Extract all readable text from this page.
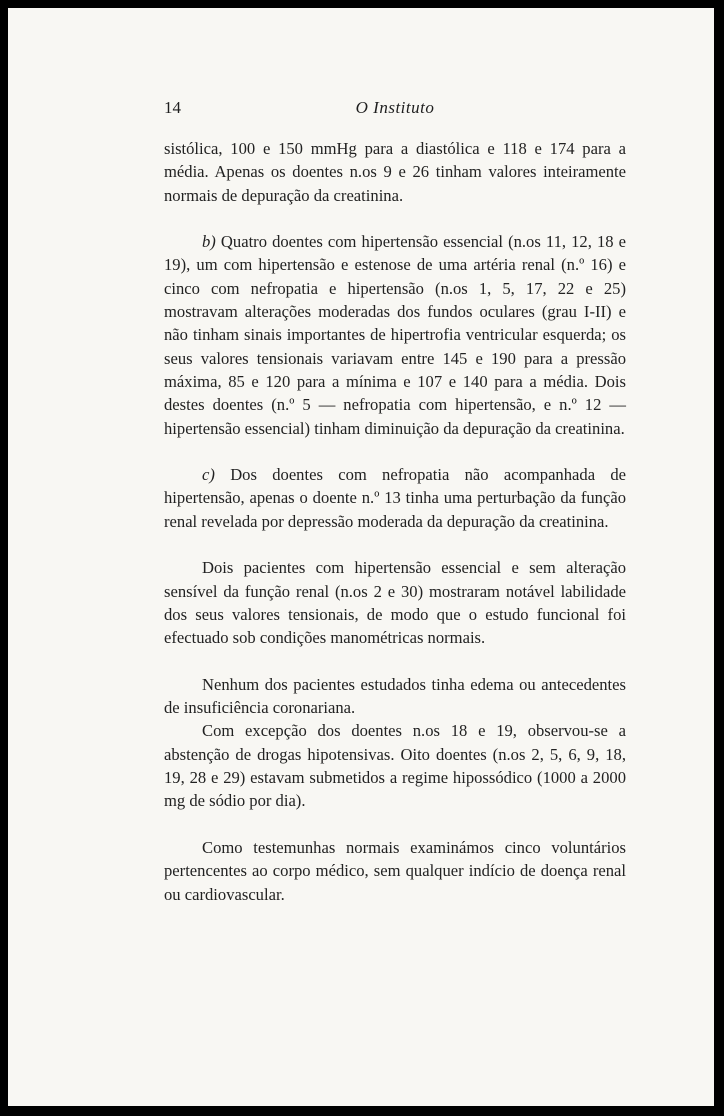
14	O Instituto

sistólica, 100 e 150 mmHg para a diastólica e 118 e 174 para a média. Apenas os doentes n.os 9 e 26 tinham valores inteiramente normais de depuração da creatinina.

b) Quatro doentes com hipertensão essencial (n.os 11, 12, 18 e 19), um com hipertensão e estenose de uma artéria renal (n.º 16) e cinco com nefropatia e hipertensão (n.os 1, 5, 17, 22 e 25) mostravam alterações moderadas dos fundos oculares (grau I-II) e não tinham sinais importantes de hipertrofia ventricular esquerda; os seus valores tensionais variavam entre 145 e 190 para a pressão máxima, 85 e 120 para a mínima e 107 e 140 para a média. Dois destes doentes (n.º 5 — nefropatia com hipertensão, e n.º 12 — hipertensão essencial) tinham diminuição da depuração da creatinina.

c) Dos doentes com nefropatia não acompanhada de hipertensão, apenas o doente n.º 13 tinha uma perturbação da função renal revelada por depressão moderada da depuração da creatinina.

Dois pacientes com hipertensão essencial e sem alteração sensível da função renal (n.os 2 e 30) mostraram notável labilidade dos seus valores tensionais, de modo que o estudo funcional foi efectuado sob condições manométricas normais.

Nenhum dos pacientes estudados tinha edema ou antecedentes de insuficiência coronariana.

Com excepção dos doentes n.os 18 e 19, observou-se a abstenção de drogas hipotensivas. Oito doentes (n.os 2, 5, 6, 9, 18, 19, 28 e 29) estavam submetidos a regime hipossódico (1000 a 2000 mg de sódio por dia).

Como testemunhas normais examinámos cinco voluntários pertencentes ao corpo médico, sem qualquer indício de doença renal ou cardiovascular.
